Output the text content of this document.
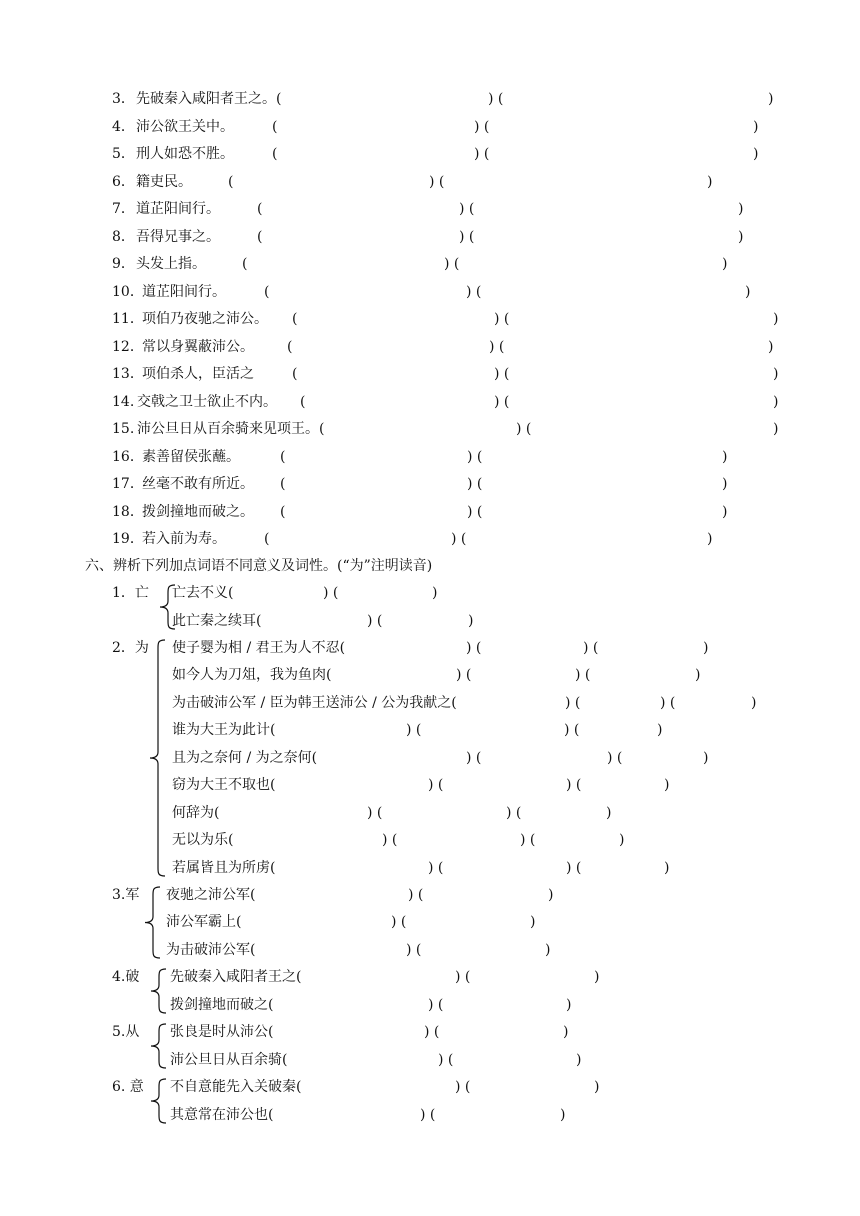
3． 先破秦入咸阳者王之。(	) (	)
4． 沛公欲王关中。	(	) (	)
5． 刑人如恐不胜。	(	) (	)
6． 籍吏民。	(	) (	)
7． 道芷阳间行。	(	) (	)
8． 吾得兄事之。	(	) (	)
9． 头发上指。	(	) (	)
10．
道芷阳间行。	(	) (	)
11．
项伯乃夜驰之沛公。 (	) (	)
12．
常以身翼蔽沛公。 (	) (	)
13．
项伯杀人，臣活之	(	) (	)
14. 交戟之卫士欲止不内。 (	) (	)
15. 沛公旦日从百余骑来见项王。(	) (	)
16．
素善留侯张蘸。	(	) (	)
17．
丝毫不敢有所近。 (	) (	)
18．
拨剑撞地而破之。 (	) (	)
19．
若入前为寿。	(	) (	)
六、辨析下列加点词语不同意义及词性。(“为”注明读音)
1．亡 亡去不义(	) (	)
此亡秦之续耳(	) (	)
2．为 使子婴为相 / 君王为人不忍(	) (	) (	)
如今人为刀俎，我为鱼肉(	) (	) (	)
为击破沛公军 / 臣为韩王送沛公 / 公为我献之(	) (	) (	)
谁为大王为此计(	) (	) (	)
且为之奈何 / 为之奈何(	) (	) (	)
窃为大王不取也(	) (	) (	)
何辞为(	) (	) (	)
无以为乐(	) (	) (	)
若属皆且为所虏(	) (	) (	)
3.军 夜驰之沛公军(	) (	)
沛公军霸上(	) (	)
为击破沛公军(	) (	)
4.破 先破秦入咸阳者王之(	) (	)
拨剑撞地而破之(	) (	)
5.从 张良是时从沛公(	) (	)
沛公旦日从百余骑(	) (	)
6. 意 不自意能先入关破秦(	) (	)
其意常在沛公也(	) (	)
